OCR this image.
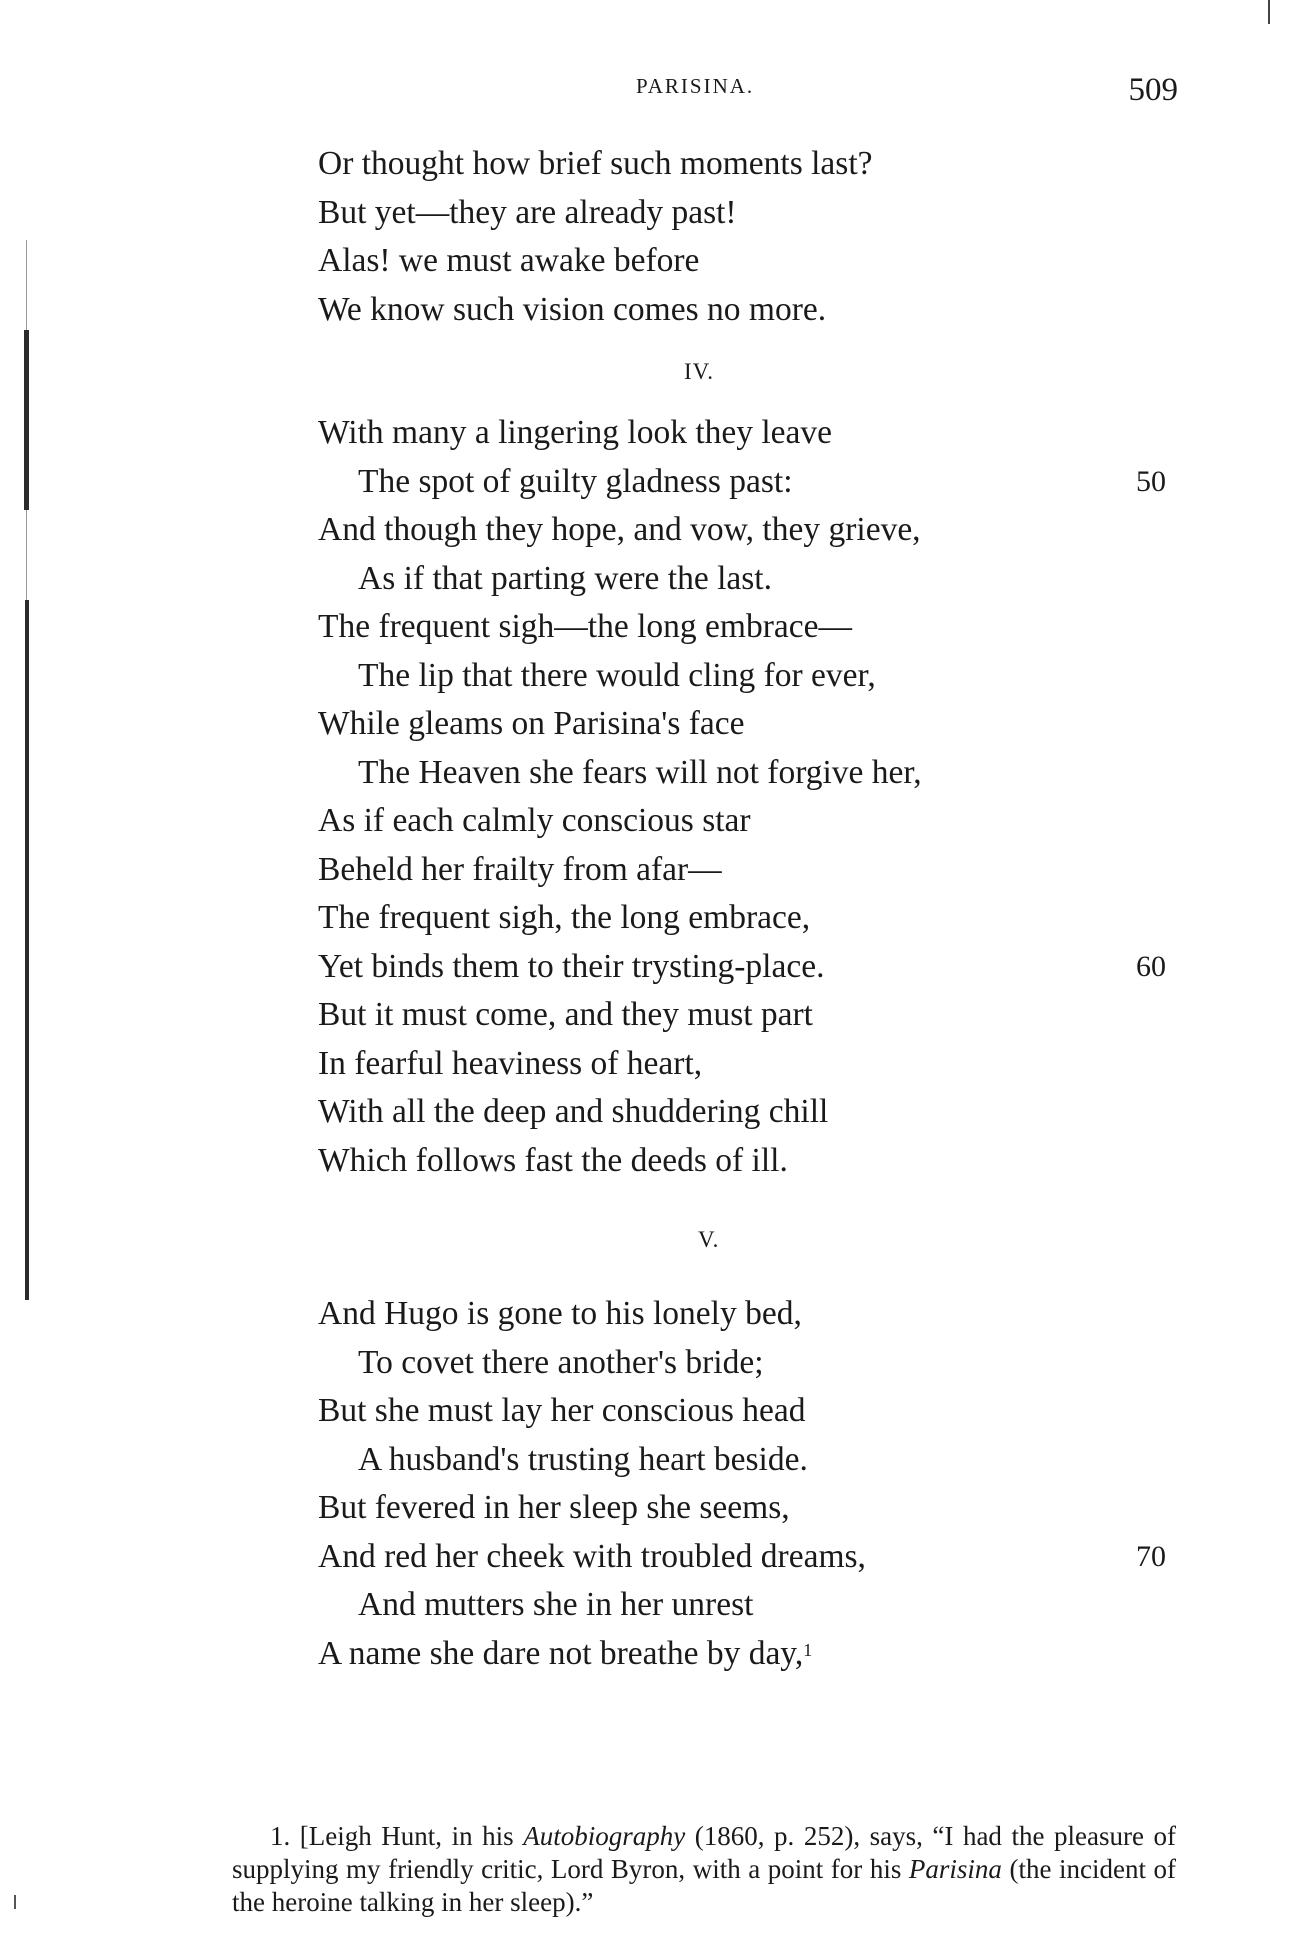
PARISINA.	509
Or thought how brief such moments last?
But yet—they are already past!
Alas! we must awake before
We know such vision comes no more.
IV.
With many a lingering look they leave
The spot of guilty gladness past:	50
And though they hope, and vow, they grieve,
As if that parting were the last.
The frequent sigh—the long embrace—
The lip that there would cling for ever,
While gleams on Parisina's face
The Heaven she fears will not forgive her,
As if each calmly conscious star
Beheld her frailty from afar—
The frequent sigh, the long embrace,
Yet binds them to their trysting-place.	60
But it must come, and they must part
In fearful heaviness of heart,
With all the deep and shuddering chill
Which follows fast the deeds of ill.
V.
And Hugo is gone to his lonely bed,
To covet there another's bride;
But she must lay her conscious head
A husband's trusting heart beside.
But fevered in her sleep she seems,
And red her cheek with troubled dreams,	70
And mutters she in her unrest
A name she dare not breathe by day,$^1$
1. [Leigh Hunt, in his Autobiography (1860, p. 252), says, “I had the pleasure of supplying my friendly critic, Lord Byron, with a point for his Parisina (the incident of the heroine talking in her sleep).”
